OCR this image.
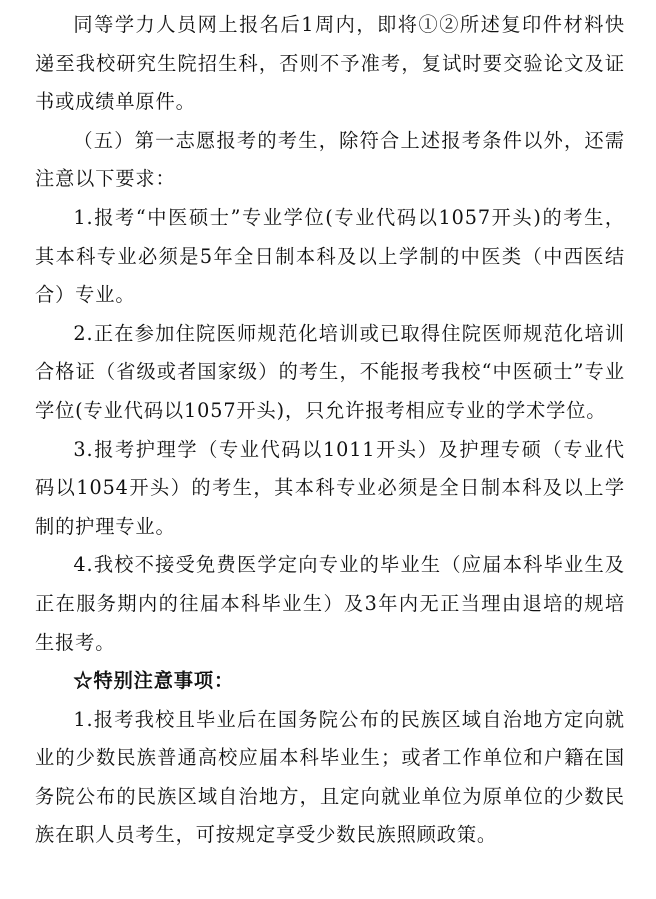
同等学力人员网上报名后1周内，即将①②所述复印件材料快递至我校研究生院招生科，否则不予准考，复试时要交验论文及证书或成绩单原件。

（五）第一志愿报考的考生，除符合上述报考条件以外，还需注意以下要求：

1.报考“中医硕士”专业学位(专业代码以1057开头)的考生，其本科专业必须是5年全日制本科及以上学制的中医类（中西医结合）专业。

2.正在参加住院医师规范化培训或已取得住院医师规范化培训合格证（省级或者国家级）的考生，不能报考我校“中医硕士”专业学位(专业代码以1057开头)，只允许报考相应专业的学术学位。

3.报考护理学（专业代码以1011开头）及护理专硕（专业代码以1054开头）的考生，其本科专业必须是全日制本科及以上学制的护理专业。

4.我校不接受免费医学定向专业的毕业生（应届本科毕业生及正在服务期内的往届本科毕业生）及3年内无正当理由退培的规培生报考。

☆特别注意事项：

1.报考我校且毕业后在国务院公布的民族区域自治地方定向就业的少数民族普通高校应届本科毕业生；或者工作单位和户籍在国务院公布的民族区域自治地方，且定向就业单位为原单位的少数民族在职人员考生，可按规定享受少数民族照顾政策。
